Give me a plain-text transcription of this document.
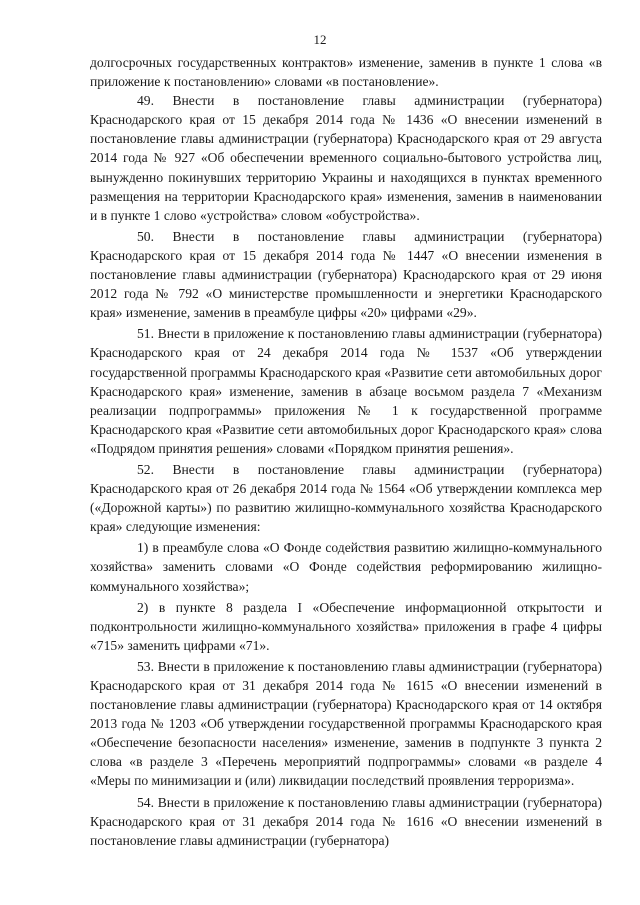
12

долгосрочных государственных контрактов» изменение, заменив в пункте 1 слова «в приложение к постановлению» словами «в постановление».

49. Внести в постановление главы администрации (губернатора) Краснодарского края от 15 декабря 2014 года № 1436 «О внесении изменений в постановление главы администрации (губернатора) Краснодарского края от 29 августа 2014 года № 927 «Об обеспечении временного социально-бытового устройства лиц, вынужденно покинувших территорию Украины и находящихся в пунктах временного размещения на территории Краснодарского края» изменения, заменив в наименовании и в пункте 1 слово «устройства» словом «обустройства».

50. Внести в постановление главы администрации (губернатора) Краснодарского края от 15 декабря 2014 года № 1447 «О внесении изменения в постановление главы администрации (губернатора) Краснодарского края от 29 июня 2012 года № 792 «О министерстве промышленности и энергетики Краснодарского края» изменение, заменив в преамбуле цифры «20» цифрами «29».

51. Внести в приложение к постановлению главы администрации (губернатора) Краснодарского края от 24 декабря 2014 года № 1537 «Об утверждении государственной программы Краснодарского края «Развитие сети автомобильных дорог Краснодарского края» изменение, заменив в абзаце восьмом раздела 7 «Механизм реализации подпрограммы» приложения № 1 к государственной программе Краснодарского края «Развитие сети автомобильных дорог Краснодарского края» слова «Подрядом принятия решения» словами «Порядком принятия решения».

52. Внести в постановление главы администрации (губернатора) Краснодарского края от 26 декабря 2014 года № 1564 «Об утверждении комплекса мер («Дорожной карты») по развитию жилищно-коммунального хозяйства Краснодарского края» следующие изменения:

1) в преамбуле слова «О Фонде содействия развитию жилищно-коммунального хозяйства» заменить словами «О Фонде содействия реформированию жилищно-коммунального хозяйства»;

2) в пункте 8 раздела I «Обеспечение информационной открытости и подконтрольности жилищно-коммунального хозяйства» приложения в графе 4 цифры «715» заменить цифрами «71».

53. Внести в приложение к постановлению главы администрации (губернатора) Краснодарского края от 31 декабря 2014 года № 1615 «О внесении изменений в постановление главы администрации (губернатора) Краснодарского края от 14 октября 2013 года № 1203 «Об утверждении государственной программы Краснодарского края «Обеспечение безопасности населения» изменение, заменив в подпункте 3 пункта 2 слова «в разделе 3 «Перечень мероприятий подпрограммы» словами «в разделе 4 «Меры по минимизации и (или) ликвидации последствий проявления терроризма».

54. Внести в приложение к постановлению главы администрации (губернатора) Краснодарского края от 31 декабря 2014 года № 1616 «О внесении изменений в постановление главы администрации (губернатора)
